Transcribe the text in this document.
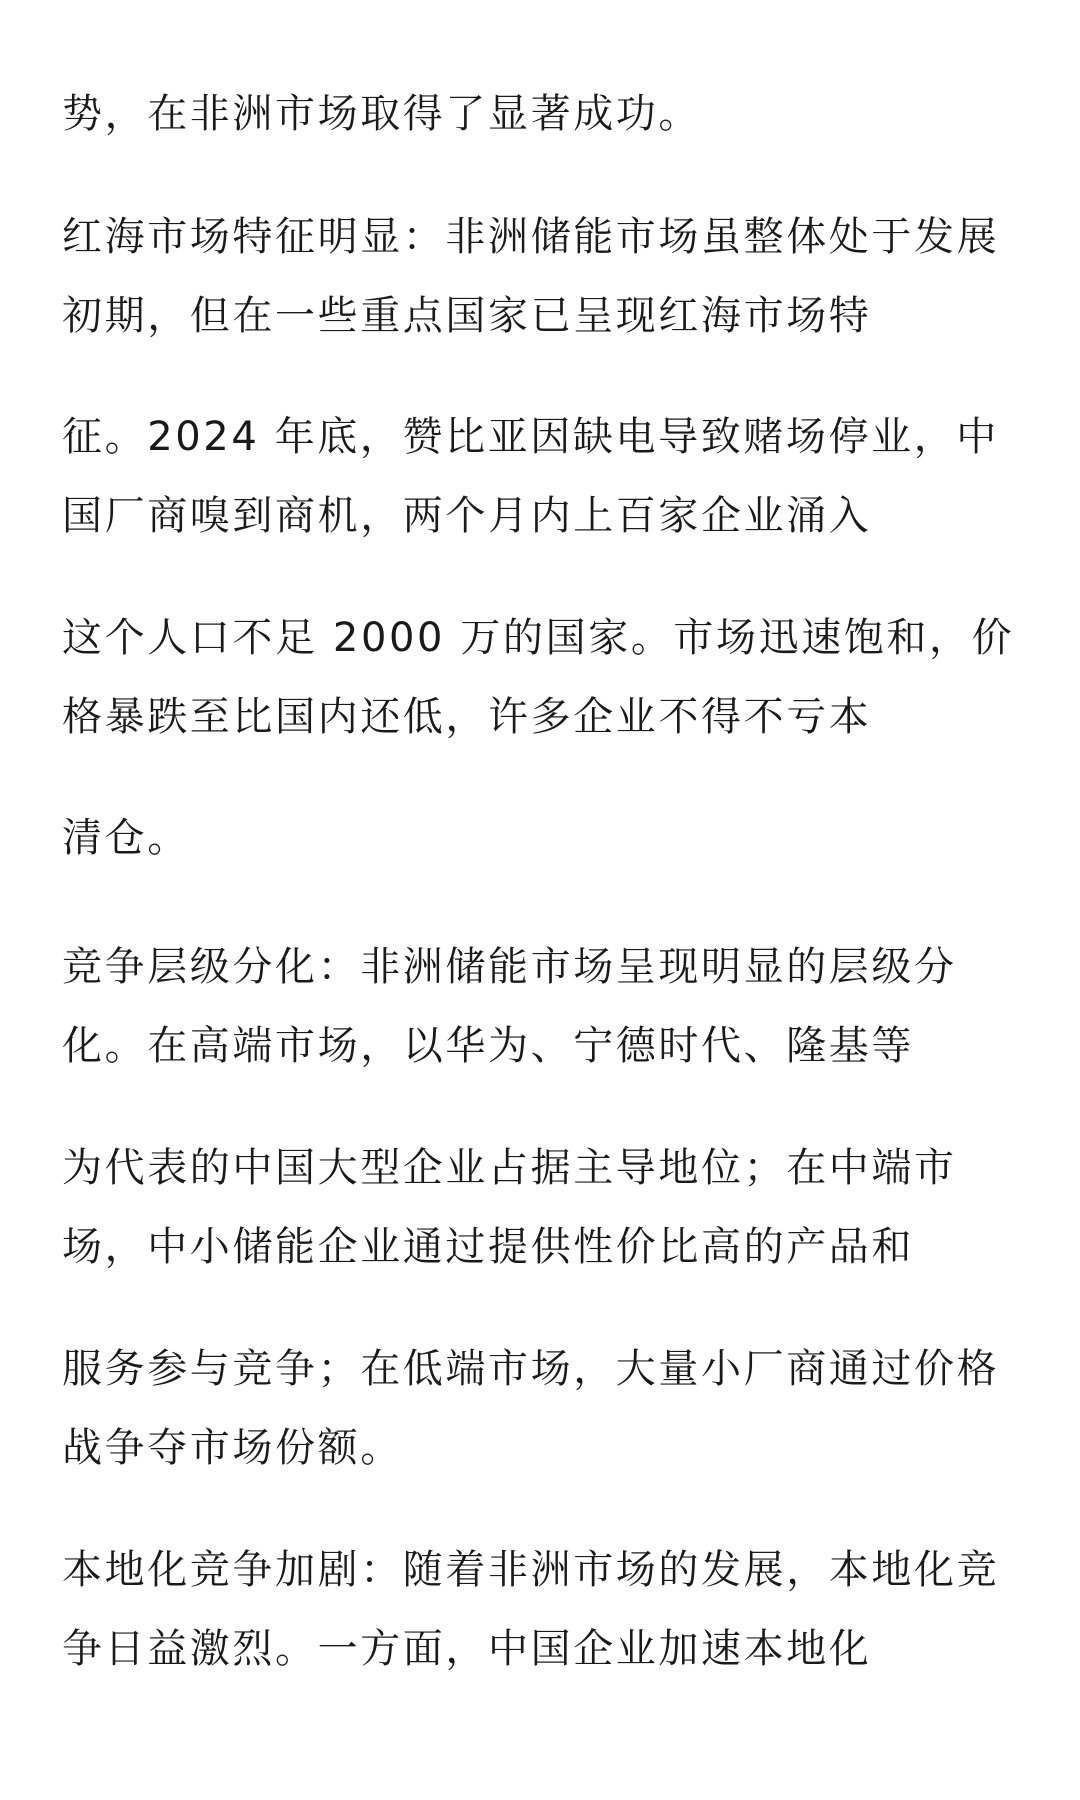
势，在非洲市场取得了显著成功。
红海市场特征明显：非洲储能市场虽整体处于发展
初期，但在一些重点国家已呈现红海市场特
征。2024 年底，赞比亚因缺电导致赌场停业，中
国厂商嗅到商机，两个月内上百家企业涌入
这个人口不足 2000 万的国家。市场迅速饱和，价
格暴跌至比国内还低，许多企业不得不亏本
清仓。
竞争层级分化：非洲储能市场呈现明显的层级分
化。在高端市场，以华为、宁德时代、隆基等
为代表的中国大型企业占据主导地位；在中端市
场，中小储能企业通过提供性价比高的产品和
服务参与竞争；在低端市场，大量小厂商通过价格
战争夺市场份额。
本地化竞争加剧：随着非洲市场的发展，本地化竞
争日益激烈。一方面，中国企业加速本地化
